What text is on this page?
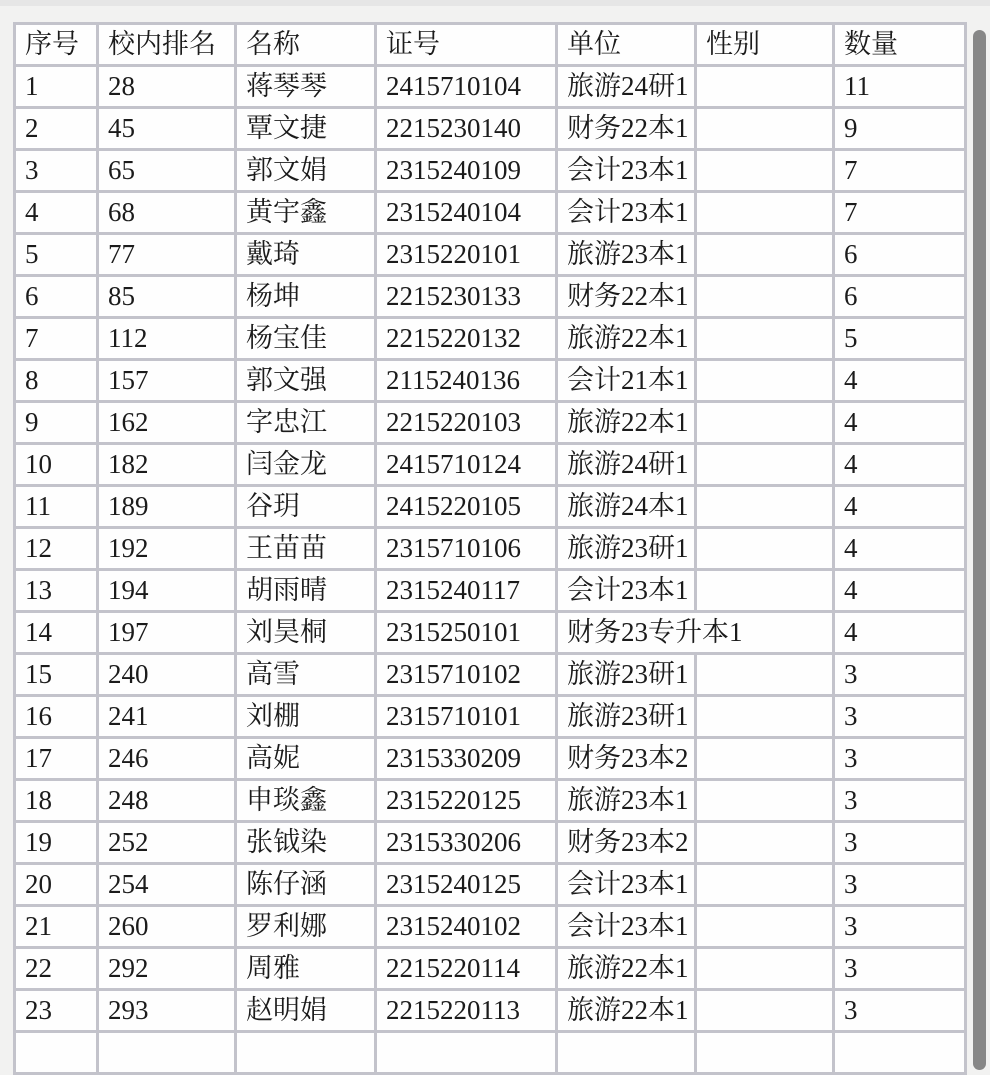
序号	校内排名	名称	证号	单位	性别	数量
1	28	蒋琴琴	2415710104	旅游24研1		11
2	45	覃文捷	2215230140	财务22本1		9
3	65	郭文娟	2315240109	会计23本1		7
4	68	黄宇鑫	2315240104	会计23本1		7
5	77	戴琦	2315220101	旅游23本1		6
6	85	杨坤	2215230133	财务22本1		6
7	112	杨宝佳	2215220132	旅游22本1		5
8	157	郭文强	2115240136	会计21本1		4
9	162	字忠江	2215220103	旅游22本1		4
10	182	闫金龙	2415710124	旅游24研1		4
11	189	谷玥	2415220105	旅游24本1		4
12	192	王苗苗	2315710106	旅游23研1		4
13	194	胡雨晴	2315240117	会计23本1		4
14	197	刘昊桐	2315250101	财务23专升本1		4
15	240	高雪	2315710102	旅游23研1		3
16	241	刘棚	2315710101	旅游23研1		3
17	246	高妮	2315330209	财务23本2		3
18	248	申琰鑫	2315220125	旅游23本1		3
19	252	张钺染	2315330206	财务23本2		3
20	254	陈仔涵	2315240125	会计23本1		3
21	260	罗利娜	2315240102	会计23本1		3
22	292	周雅	2215220114	旅游22本1		3
23	293	赵明娟	2215220113	旅游22本1		3
